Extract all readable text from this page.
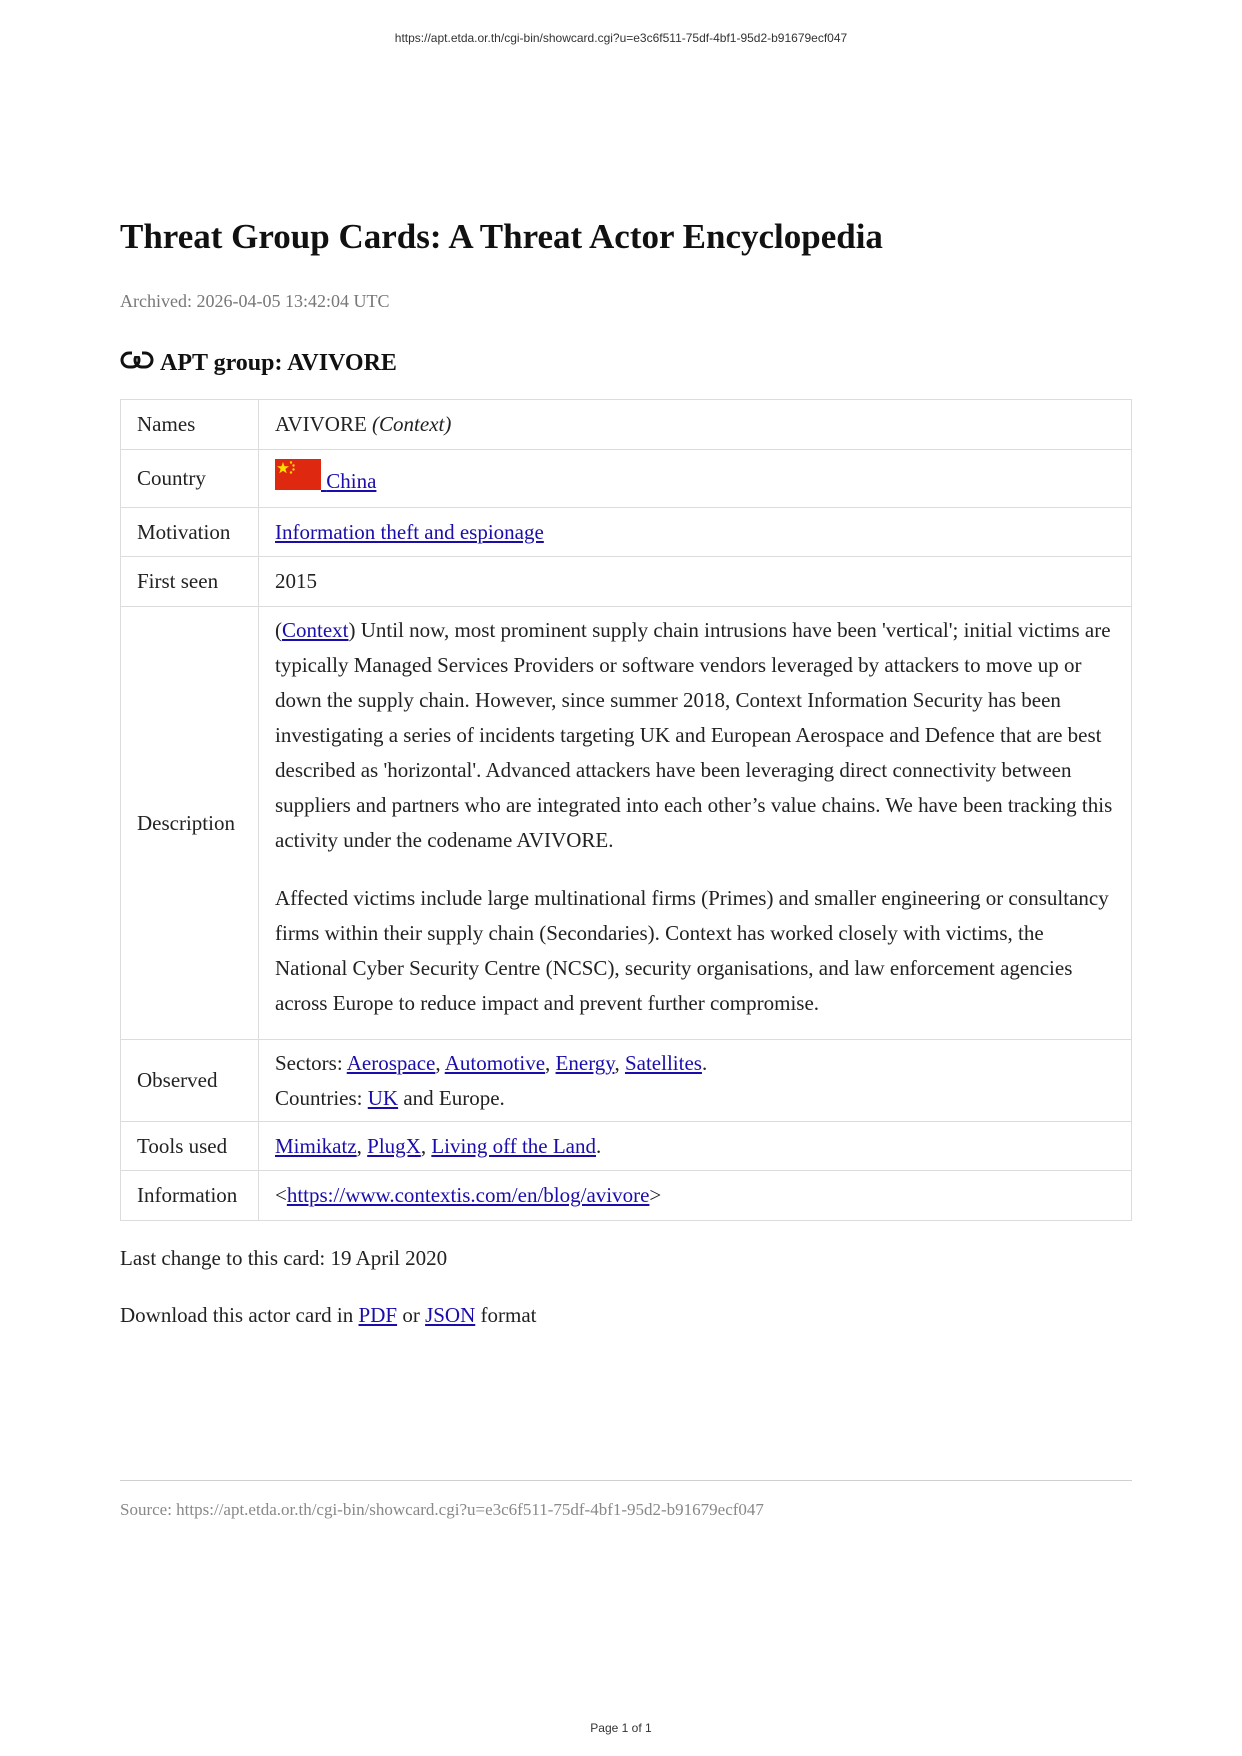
https://apt.etda.or.th/cgi-bin/showcard.cgi?u=e3c6f511-75df-4bf1-95d2-b91679ecf047
Threat Group Cards: A Threat Actor Encyclopedia
Archived: 2026-04-05 13:42:04 UTC
APT group: AVIVORE
Names	AVIVORE (Context)
Country	China
Motivation	Information theft and espionage
First seen	2015
Description	(Context) Until now, most prominent supply chain intrusions have been 'vertical'; initial victims are typically Managed Services Providers or software vendors leveraged by attackers to move up or down the supply chain. However, since summer 2018, Context Information Security has been investigating a series of incidents targeting UK and European Aerospace and Defence that are best described as 'horizontal'. Advanced attackers have been leveraging direct connectivity between suppliers and partners who are integrated into each other’s value chains. We have been tracking this activity under the codename AVIVORE.

Affected victims include large multinational firms (Primes) and smaller engineering or consultancy firms within their supply chain (Secondaries). Context has worked closely with victims, the National Cyber Security Centre (NCSC), security organisations, and law enforcement agencies across Europe to reduce impact and prevent further compromise.

Observed	Sectors: Aerospace, Automotive, Energy, Satellites.
Countries: UK and Europe.

Tools used	Mimikatz, PlugX, Living off the Land.
Information	<https://www.contextis.com/en/blog/avivore>
Last change to this card: 19 April 2020
Download this actor card in PDF or JSON format
Source: https://apt.etda.or.th/cgi-bin/showcard.cgi?u=e3c6f511-75df-4bf1-95d2-b91679ecf047
Page 1 of 1
